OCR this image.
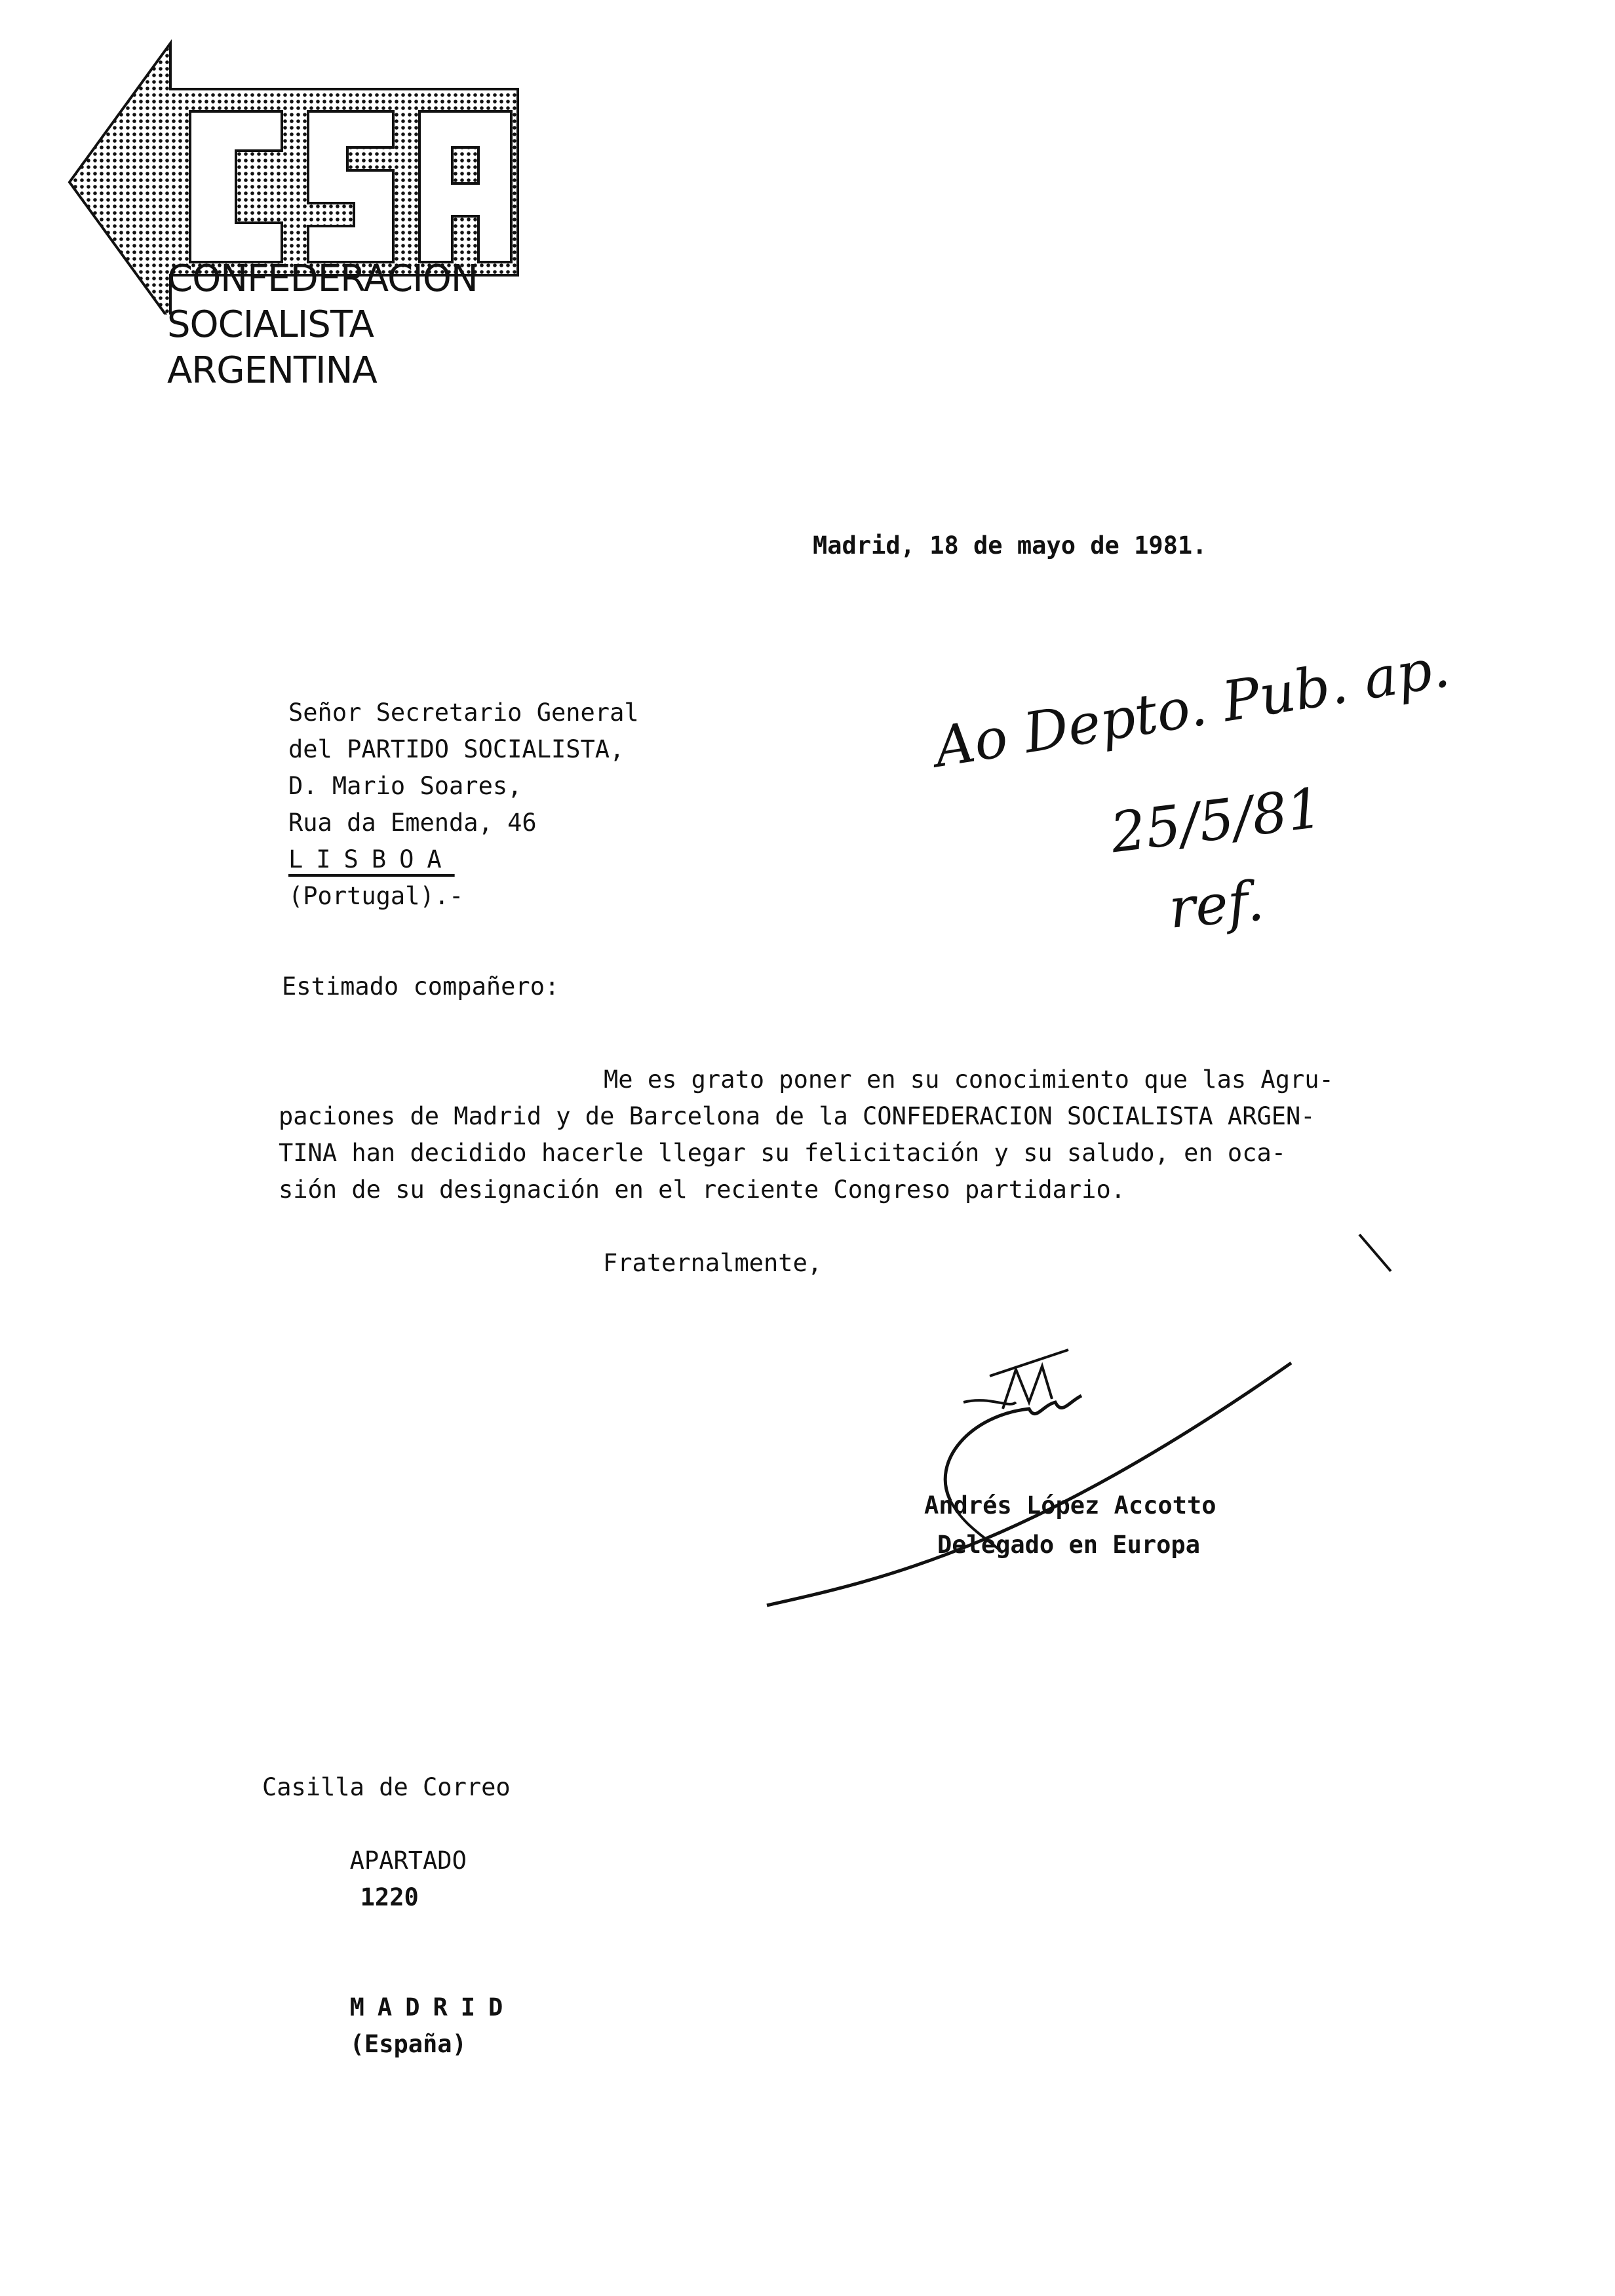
CONFEDERACION
SOCIALISTA
ARGENTINA
Madrid, 18 de mayo de 1981.
Señor Secretario General
del PARTIDO SOCIALISTA,
D. Mario Soares,
Rua da Emenda, 46
LISBOA
(Portugal).-
Ao Depto. Pub. ap.
25/5/81
ref.
Estimado compañero:
Me es grato poner en su conocimiento que las Agru-
paciones de Madrid y de Barcelona de la CONFEDERACION SOCIALISTA ARGEN-
TINA han decidido hacerle llegar su felicitación y su saludo, en oca-
sión de su designación en el reciente Congreso partidario.
Fraternalmente,
Andrés López Accotto
Delegado en Europa
Casilla de Correo

APARTADO
1220

MADRID
(España)
